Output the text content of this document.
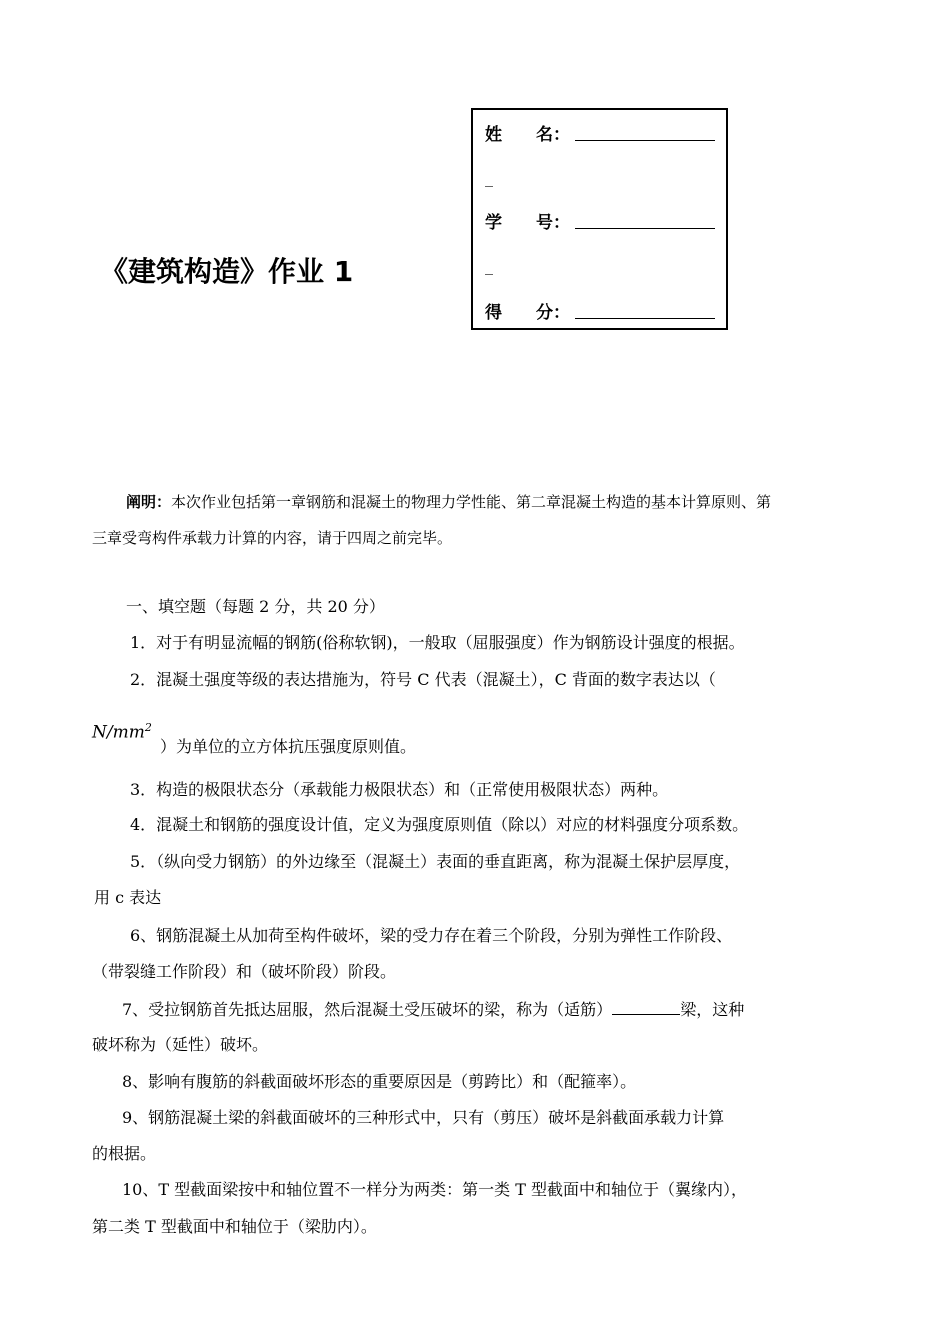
《建筑构造》作业 1
姓　　名：
_
学　　号：
_
得　　分：
阐明：本次作业包括第一章钢筋和混凝土的物理力学性能、第二章混凝土构造的基本计算原则、第
三章受弯构件承载力计算的内容，请于四周之前完毕。
一、填空题（每题 2 分，共 20 分）
1．对于有明显流幅的钢筋(俗称软钢)，一般取（屈服强度）作为钢筋设计强度的根据。
2．混凝土强度等级的表达措施为，符号 C 代表（混凝土），C 背面的数字表达以（
$N/mm^2$
）为单位的立方体抗压强度原则值。
3．构造的极限状态分（承载能力极限状态）和（正常使用极限状态）两种。
4．混凝土和钢筋的强度设计值，定义为强度原则值（除以）对应的材料强度分项系数。
5．（纵向受力钢筋）的外边缘至（混凝土）表面的垂直距离，称为混凝土保护层厚度，
用 c 表达
6、钢筋混凝土从加荷至构件破坏，梁的受力存在着三个阶段，分别为弹性工作阶段、
（带裂缝工作阶段）和（破坏阶段）阶段。
7、受拉钢筋首先抵达屈服，然后混凝土受压破坏的梁，称为（适筋）	梁，这种
破坏称为（延性）破坏。
8、影响有腹筋的斜截面破坏形态的重要原因是（剪跨比）和（配箍率）。
9、钢筋混凝土梁的斜截面破坏的三种形式中，只有（剪压）破坏是斜截面承载力计算
的根据。
10、T 型截面梁按中和轴位置不一样分为两类：第一类 T 型截面中和轴位于（翼缘内），
第二类 T 型截面中和轴位于（梁肋内）。
